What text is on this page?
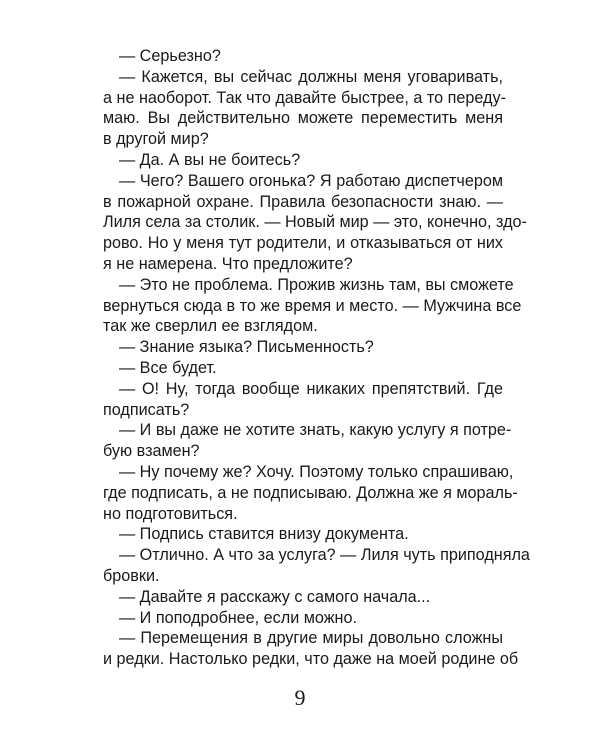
— Серьезно?
— Кажется, вы сейчас должны меня уговаривать,
а не наоборот. Так что давайте быстрее, а то переду-
маю. Вы действительно можете переместить меня
в другой мир?
— Да. А вы не боитесь?
— Чего? Вашего огонька? Я работаю диспетчером
в пожарной охране. Правила безопасности знаю. —
Лиля села за столик. — Новый мир — это, конечно, здо-
рово. Но у меня тут родители, и отказываться от них
я не намерена. Что предложите?
— Это не проблема. Прожив жизнь там, вы сможете
вернуться сюда в то же время и место. — Мужчина все
так же сверлил ее взглядом.
— Знание языка? Письменность?
— Все будет.
— О! Ну, тогда вообще никаких препятствий. Где
подписать?
— И вы даже не хотите знать, какую услугу я потре-
бую взамен?
— Ну почему же? Хочу. Поэтому только спрашиваю,
где подписать, а не подписываю. Должна же я мораль-
но подготовиться.
— Подпись ставится внизу документа.
— Отлично. А что за услуга? — Лиля чуть приподняла
бровки.
— Давайте я расскажу с самого начала...
— И поподробнее, если можно.
— Перемещения в другие миры довольно сложны
и редки. Настолько редки, что даже на моей родине об
9
